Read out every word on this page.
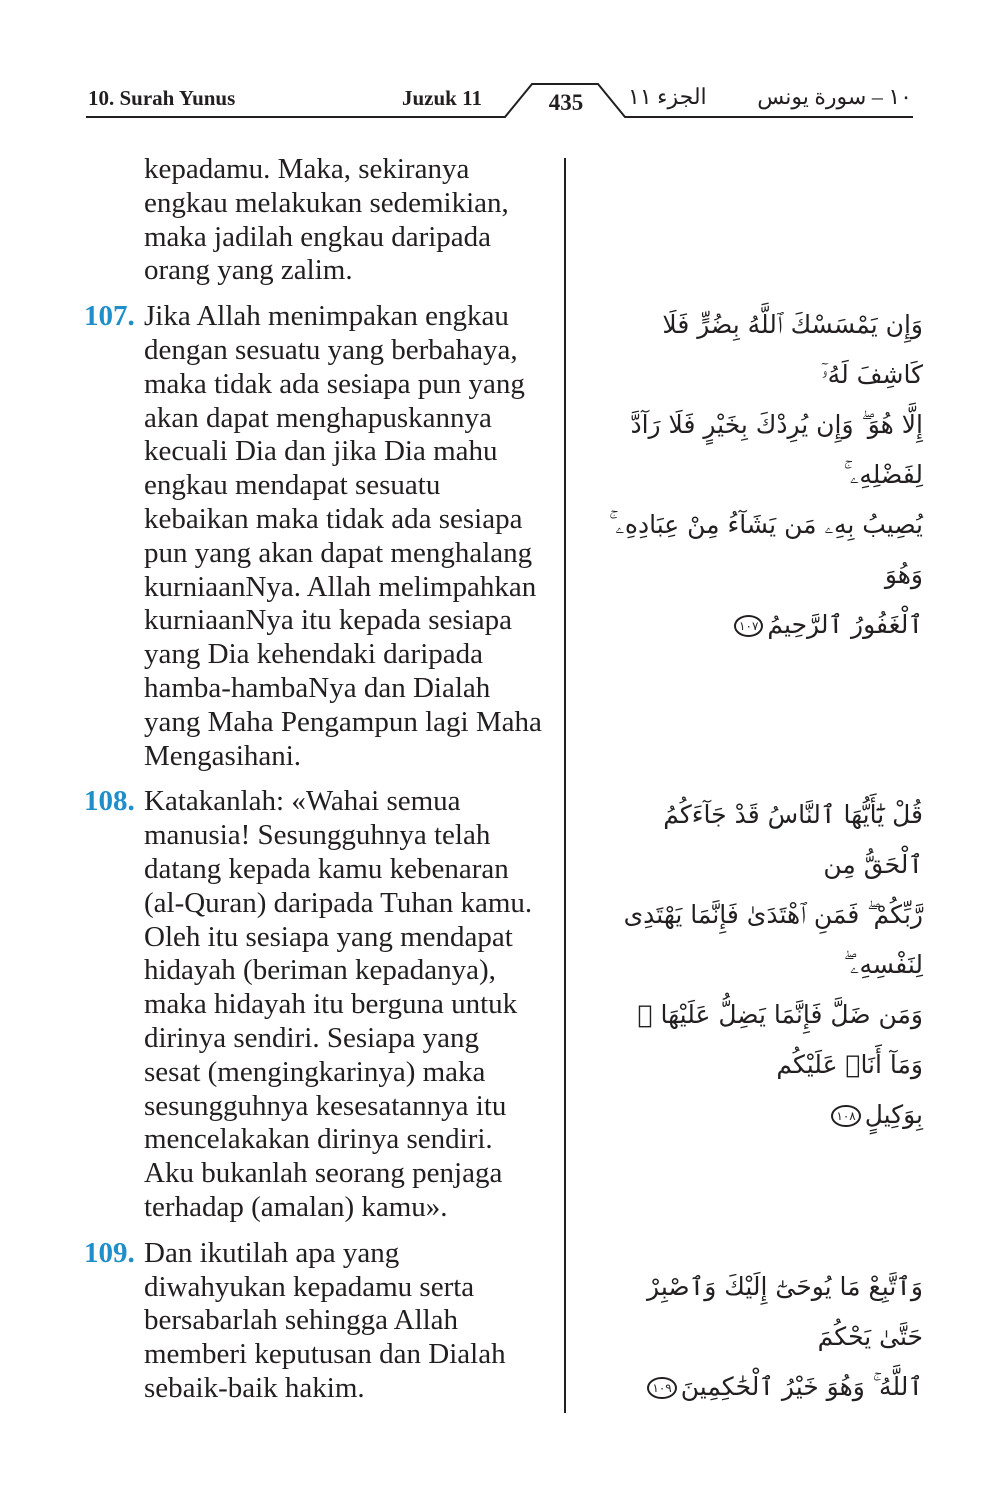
10. Surah Yunus	Juzuk 11	435	الجزء ١١ ١٠ – سورة يونس
kepadamu. Maka, sekiranya
engkau melakukan sedemikian,
maka jadilah engkau daripada
orang yang zalim.
107. Jika Allah menimpakan engkau
dengan sesuatu yang berbahaya,
maka tidak ada sesiapa pun yang
akan dapat menghapuskannya
kecuali Dia dan jika Dia mahu
engkau mendapat sesuatu
kebaikan maka tidak ada sesiapa
pun yang akan dapat menghalang
kurniaanNya. Allah melimpahkan
kurniaanNya itu kepada sesiapa
yang Dia kehendaki daripada
hamba-hambaNya dan Dialah
yang Maha Pengampun lagi Maha
Mengasihani.
108. Katakanlah: «Wahai semua
manusia! Sesungguhnya telah
datang kepada kamu kebenaran
(al-Quran) daripada Tuhan kamu.
Oleh itu sesiapa yang mendapat
hidayah (beriman kepadanya),
maka hidayah itu berguna untuk
dirinya sendiri. Sesiapa yang
sesat (mengingkarinya) maka
sesungguhnya kesesatannya itu
mencelakakan dirinya sendiri.
Aku bukanlah seorang penjaga
terhadap (amalan) kamu».
109. Dan ikutilah apa yang
diwahyukan kepadamu serta
bersabarlah sehingga Allah
memberi keputusan dan Dialah
sebaik-baik hakim.
وَإِن يَمْسَسْكَ ٱللَّهُ بِضُرٍّ فَلَا كَاشِفَ لَهُۥٓ
إِلَّا هُوَ ۖ وَإِن يُرِدْكَ بِخَيْرٍ فَلَا رَآدَّ لِفَضْلِهِۦ ۚ
يُصِيبُ بِهِۦ مَن يَشَآءُ مِنْ عِبَادِهِۦ ۚ وَهُوَ
ٱلْغَفُورُ ٱلرَّحِيمُ١٠٧
قُلْ يَٰٓأَيُّهَا ٱلنَّاسُ قَدْ جَآءَكُمُ ٱلْحَقُّ مِن
رَّبِّكُمْ ۖ فَمَنِ ٱهْتَدَىٰ فَإِنَّمَا يَهْتَدِى لِنَفْسِهِۦ ۖ
وَمَن ضَلَّ فَإِنَّمَا يَضِلُّ عَلَيْهَا ۖ وَمَآ أَنَا۠ عَلَيْكُم
بِوَكِيلٍ١٠٨
وَٱتَّبِعْ مَا يُوحَىٰٓ إِلَيْكَ وَٱصْبِرْ حَتَّىٰ يَحْكُمَ
ٱللَّهُ ۚ وَهُوَ خَيْرُ ٱلْحَٰكِمِينَ١٠٩
